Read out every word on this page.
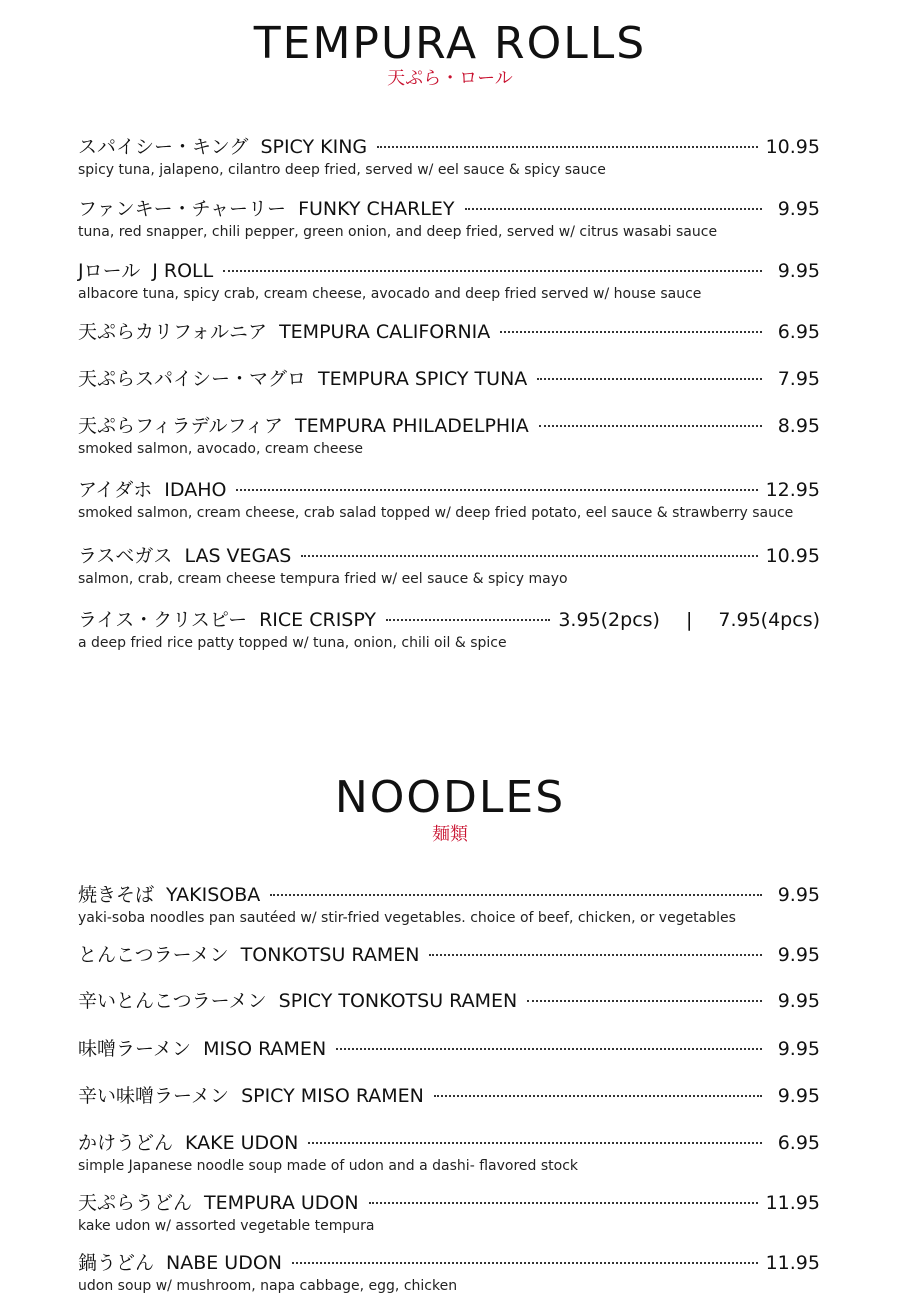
TEMPURA ROLLS
天ぷら・ロール
スパイシー・キング SPICY KING	10.95
spicy tuna, jalapeno, cilantro deep fried, served w/ eel sauce & spicy sauce
ファンキー・チャーリー FUNKY CHARLEY	9.95
tuna, red snapper, chili pepper, green onion, and deep fried, served w/ citrus wasabi sauce
Jロール J ROLL	9.95
albacore tuna, spicy crab, cream cheese, avocado and deep fried served w/ house sauce
天ぷらカリフォルニア TEMPURA CALIFORNIA	6.95
天ぷらスパイシー・マグロ TEMPURA SPICY TUNA	7.95
天ぷらフィラデルフィア TEMPURA PHILADELPHIA	8.95
smoked salmon, avocado, cream cheese
アイダホ IDAHO	12.95
smoked salmon, cream cheese, crab salad topped w/ deep fried potato, eel sauce & strawberry sauce
ラスベガス LAS VEGAS	10.95
salmon, crab, cream cheese tempura fried w/ eel sauce & spicy mayo
ライス・クリスピー RICE CRISPY	3.95(2pcs) | 7.95(4pcs)
a deep fried rice patty topped w/ tuna, onion, chili oil & spice
NOODLES
麺類
焼きそば YAKISOBA	9.95
yaki-soba noodles pan sautéed w/ stir-fried vegetables. choice of beef, chicken, or vegetables
とんこつラーメン TONKOTSU RAMEN	9.95
辛いとんこつラーメン SPICY TONKOTSU RAMEN	9.95
味噌ラーメン MISO RAMEN	9.95
辛い味噌ラーメン SPICY MISO RAMEN	9.95
かけうどん KAKE UDON	6.95
simple Japanese noodle soup made of udon and a dashi- flavored stock
天ぷらうどん TEMPURA UDON	11.95
kake udon w/ assorted vegetable tempura
鍋うどん NABE UDON	11.95
udon soup w/ mushroom, napa cabbage, egg, chicken
